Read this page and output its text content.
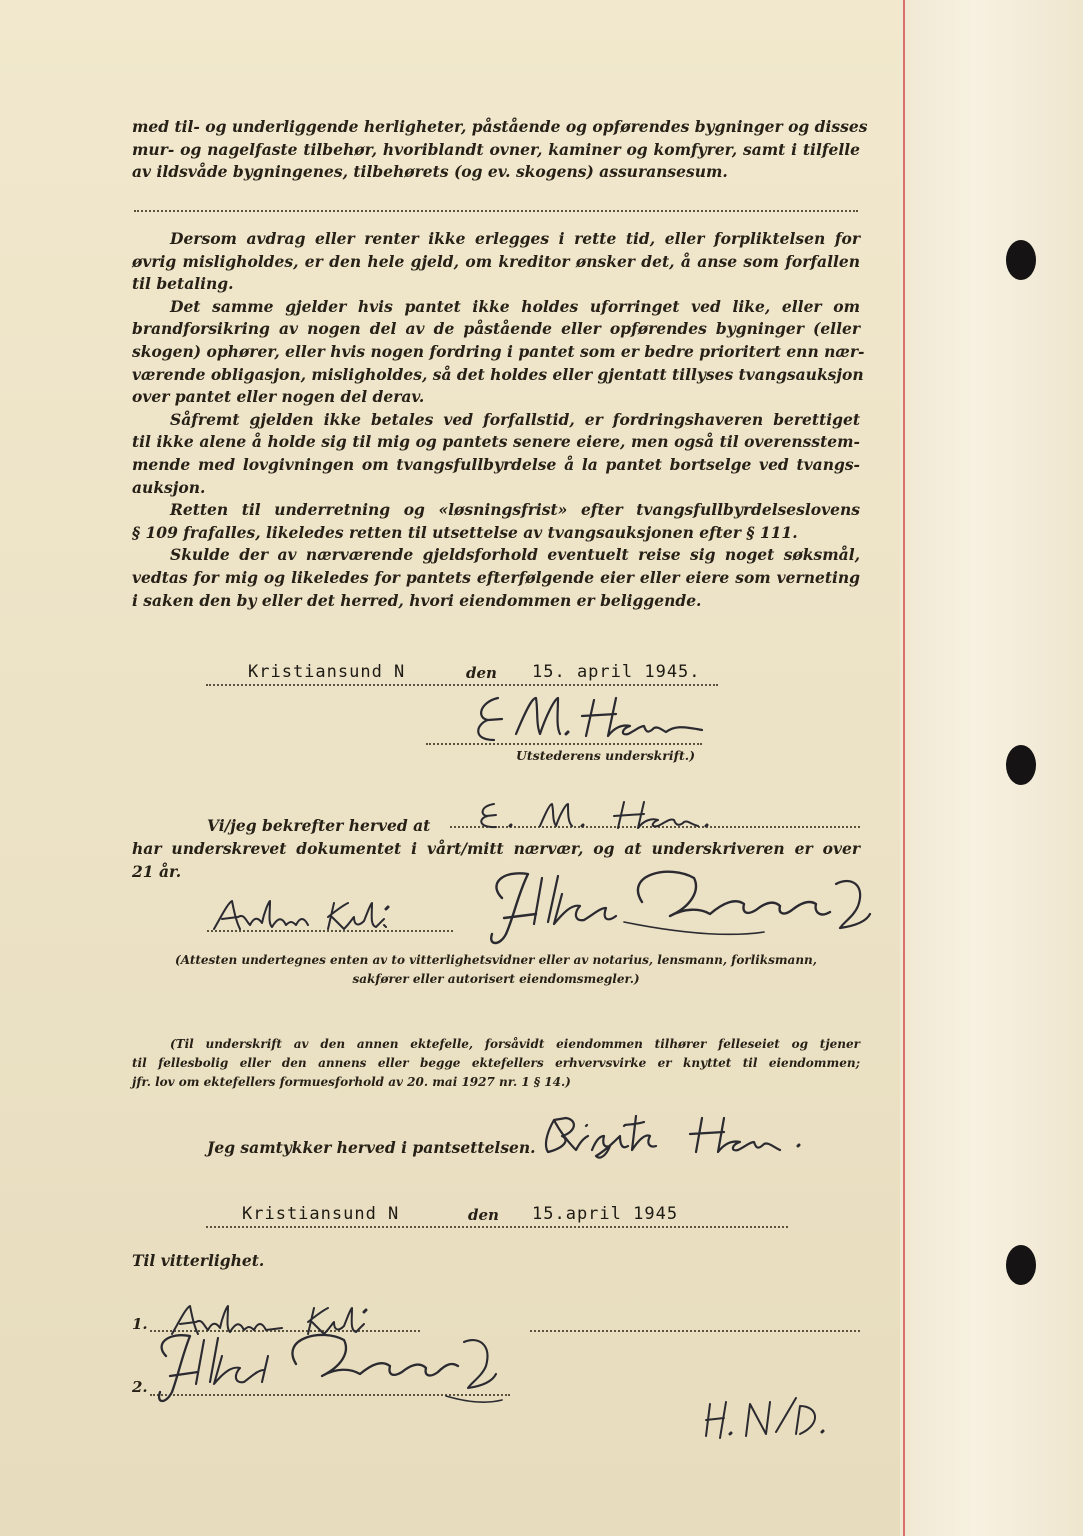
med til- og underliggende herligheter, påstående og opførendes bygninger og disses
mur- og nagelfaste tilbehør, hvoriblandt ovner, kaminer og komfyrer, samt i tilfelle
av ildsvåde bygningenes, tilbehørets (og ev. skogens) assuransesum.
Dersom avdrag eller renter ikke erlegges i rette tid, eller forpliktelsen for
øvrig misligholdes, er den hele gjeld, om kreditor ønsker det, å anse som forfallen
til betaling.
Det samme gjelder hvis pantet ikke holdes uforringet ved like, eller om
brandforsikring av nogen del av de påstående eller opførendes bygninger (eller
skogen) ophører, eller hvis nogen fordring i pantet som er bedre prioritert enn nær-
værende obligasjon, misligholdes, så det holdes eller gjentatt tillyses tvangsauksjon
over pantet eller nogen del derav.
Såfremt gjelden ikke betales ved forfallstid, er fordringshaveren berettiget
til ikke alene å holde sig til mig og pantets senere eiere, men også til overensstem-
mende med lovgivningen om tvangsfullbyrdelse å la pantet bortselge ved tvangs-
auksjon.
Retten til underretning og «løsningsfrist» efter tvangsfullbyrdelseslovens
§ 109 frafalles, likeledes retten til utsettelse av tvangsauksjonen efter § 111.
Skulde der av nærværende gjeldsforhold eventuelt reise sig noget søksmål,
vedtas for mig og likeledes for pantets efterfølgende eier eller eiere som verneting
i saken den by eller det herred, hvori eiendommen er beliggende.
Kristiansund N	den 15. april 1945.
Utstederens underskrift.)
Vi/jeg bekrefter herved at
har underskrevet dokumentet i vårt/mitt nærvær, og at underskriveren er over
21 år.
(Attesten undertegnes enten av to vitterlighetsvidner eller av notarius, lensmann, forliksmann,
sakfører eller autorisert eiendomsmegler.)
(Til underskrift av den annen ektefelle, forsåvidt eiendommen tilhører felleseiet og tjener
til fellesbolig eller den annens eller begge ektefellers erhvervsvirke er knyttet til eiendommen;
jfr. lov om ektefellers formuesforhold av 20. mai 1927 nr. 1 § 14.)
Jeg samtykker herved i pantsettelsen.
Kristiansund N	den 15.april 1945
Til vitterlighet.
1.
2.
